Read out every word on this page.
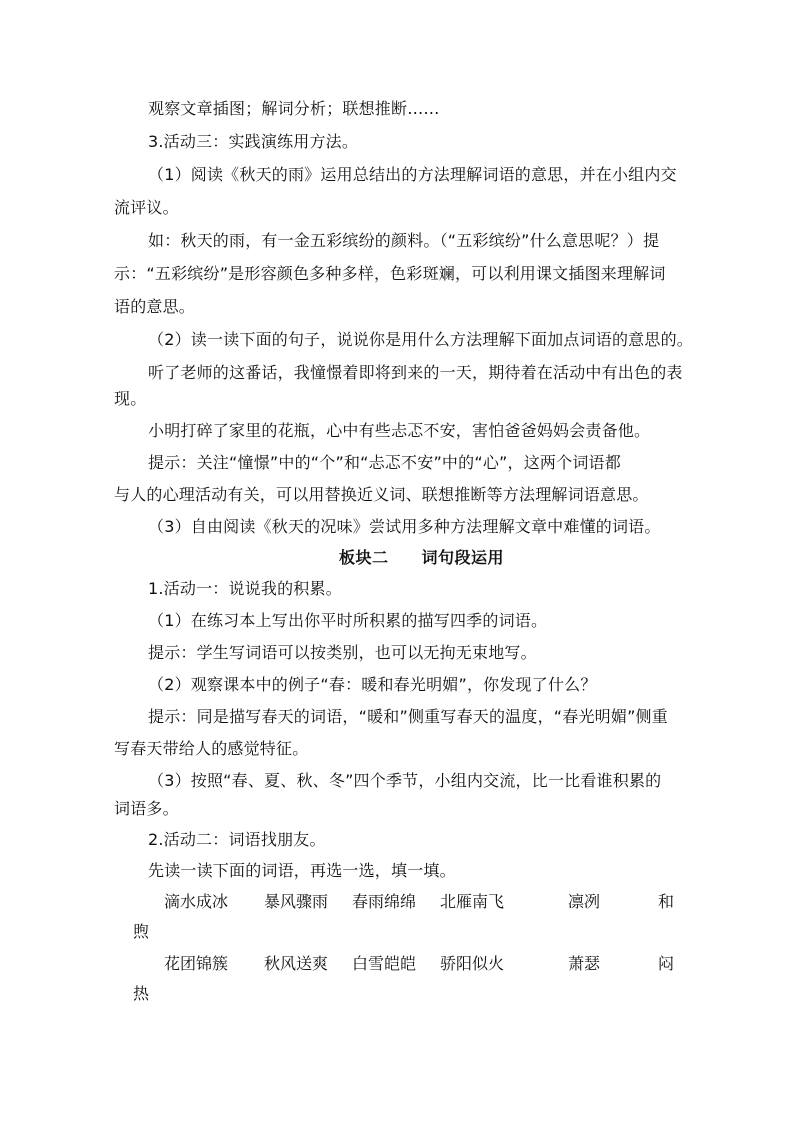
观察文章插图；解词分析；联想推断……
3.活动三：实践演练用方法。
（1）阅读《秋天的雨》运用总结出的方法理解词语的意思，并在小组内交
流评议。
如：秋天的雨，有一金五彩缤纷的颜料。（“五彩缤纷”什么意思呢？）提
示：“五彩缤纷”是形容颜色多种多样，色彩斑斓，可以利用课文插图来理解词
语的意思。
（2）读一读下面的句子，说说你是用什么方法理解下面加点词语的意思的。
听了老师的这番话，我憧憬着即将到来的一天，期待着在活动中有出色的表
现。
小明打碎了家里的花瓶，心中有些忐忑不安，害怕爸爸妈妈会责备他。
提示：关注“憧憬”中的“个”和“忐忑不安”中的“心”，这两个词语都
与人的心理活动有关，可以用替换近义词、联想推断等方法理解词语意思。
（3）自由阅读《秋天的况味》尝试用多种方法理解文章中难懂的词语。
板块二　　词句段运用
1.活动一：说说我的积累。
（1）在练习本上写出你平时所积累的描写四季的词语。
提示：学生写词语可以按类别，也可以无拘无束地写。
（2）观察课本中的例子“春：暖和春光明媚”，你发现了什么？
提示：同是描写春天的词语，“暖和”侧重写春天的温度，“春光明媚”侧重
写春天带给人的感觉特征。
（3）按照“春、夏、秋、冬”四个季节，小组内交流，比一比看谁积累的
词语多。
2.活动二：词语找朋友。
先读一读下面的词语，再选一选，填一填。
滴水成冰 暴风骤雨 春雨绵绵 北雁南飞	凛冽	和
煦
花团锦簇 秋风送爽 白雪皑皑 骄阳似火	萧瑟	闷
热
